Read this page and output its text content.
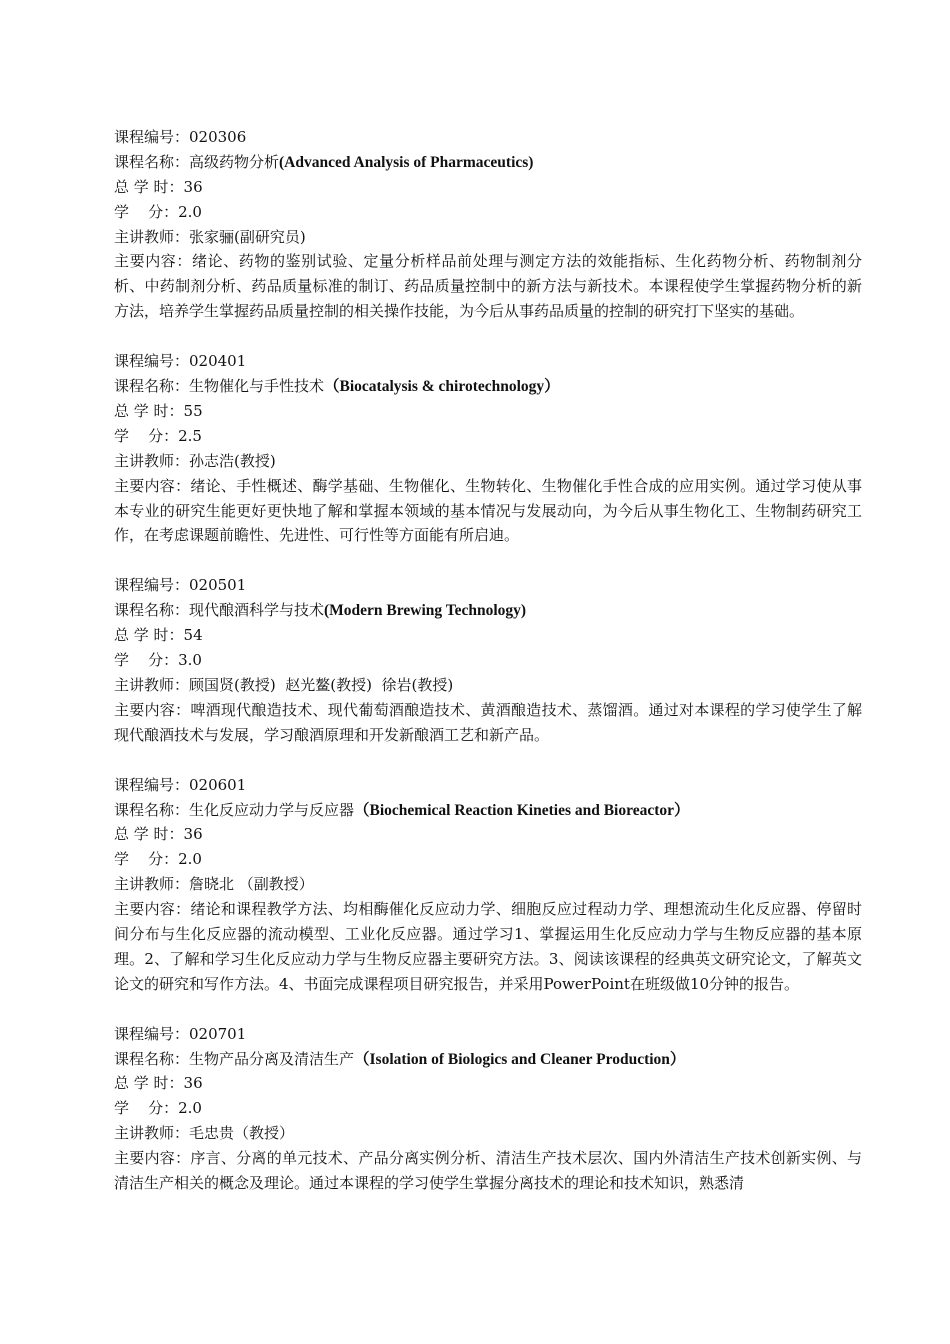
课程编号：020306
课程名称：高级药物分析(Advanced Analysis of Pharmaceutics)
总 学 时：36
学    分：2.0
主讲教师：张家骊(副研究员)
主要内容：绪论、药物的鉴别试验、定量分析样品前处理与测定方法的效能指标、生化药物分析、药物制剂分析、中药制剂分析、药品质量标准的制订、药品质量控制中的新方法与新技术。本课程使学生掌握药物分析的新方法，培养学生掌握药品质量控制的相关操作技能，为今后从事药品质量的控制的研究打下坚实的基础。
课程编号：020401
课程名称：生物催化与手性技术（Biocatalysis & chirotechnology）
总 学 时：55
学    分：2.5
主讲教师：孙志浩(教授)
主要内容：绪论、手性概述、酶学基础、生物催化、生物转化、生物催化手性合成的应用实例。通过学习使从事本专业的研究生能更好更快地了解和掌握本领域的基本情况与发展动向，为今后从事生物化工、生物制药研究工作，在考虑课题前瞻性、先进性、可行性等方面能有所启迪。
课程编号：020501
课程名称：现代酿酒科学与技术(Modern Brewing Technology)
总 学 时：54
学    分：3.0
主讲教师：顾国贤(教授)  赵光鳌(教授)  徐岩(教授)
主要内容：啤酒现代酿造技术、现代葡萄酒酿造技术、黄酒酿造技术、蒸馏酒。通过对本课程的学习使学生了解现代酿酒技术与发展，学习酿酒原理和开发新酿酒工艺和新产品。
课程编号：020601
课程名称：生化反应动力学与反应器（Biochemical Reaction Kineties and Bioreactor）
总 学 时：36
学    分：2.0
主讲教师：詹晓北 （副教授）
主要内容：绪论和课程教学方法、均相酶催化反应动力学、细胞反应过程动力学、理想流动生化反应器、停留时间分布与生化反应器的流动模型、工业化反应器。通过学习1、掌握运用生化反应动力学与生物反应器的基本原理。2、了解和学习生化反应动力学与生物反应器主要研究方法。3、阅读该课程的经典英文研究论文，了解英文论文的研究和写作方法。4、书面完成课程项目研究报告，并采用PowerPoint在班级做10分钟的报告。
课程编号：020701
课程名称：生物产品分离及清洁生产（Isolation of Biologics and Cleaner Production）
总 学 时：36
学    分：2.0
主讲教师：毛忠贵（教授）
主要内容：序言、分离的单元技术、产品分离实例分析、清洁生产技术层次、国内外清洁生产技术创新实例、与清洁生产相关的概念及理论。通过本课程的学习使学生掌握分离技术的理论和技术知识，熟悉清
